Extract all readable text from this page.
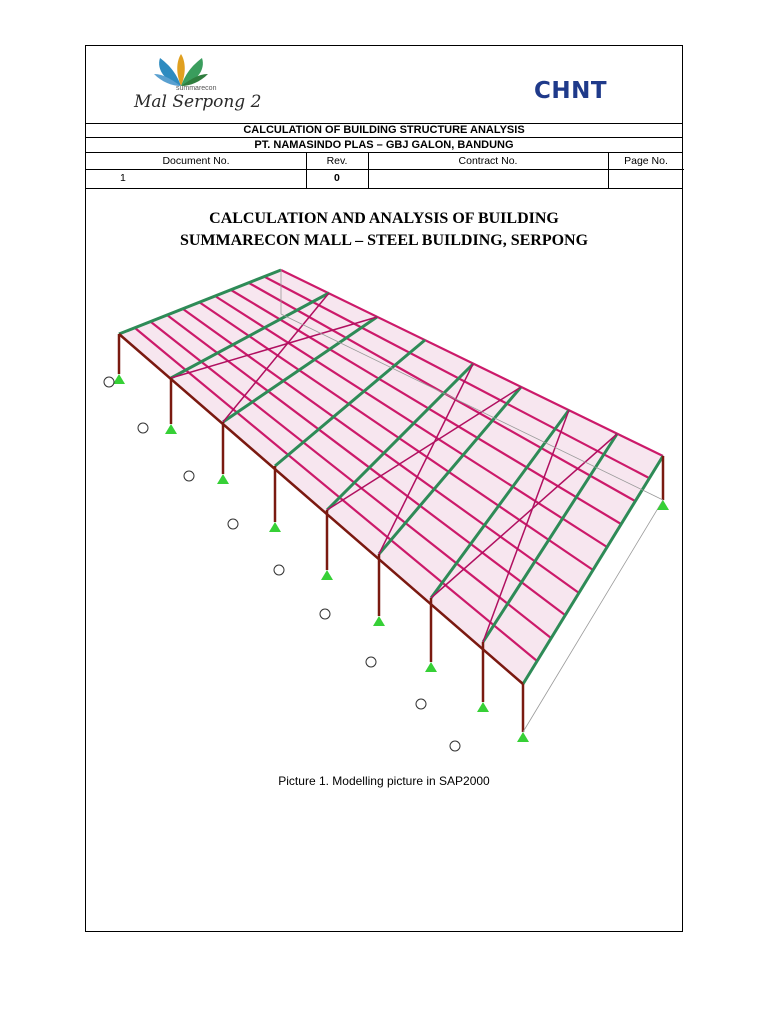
summarecon
Mal Serpong 2	CHNT
CALCULATION OF BUILDING STRUCTURE ANALYSIS
PT. NAMASINDO PLAS – GBJ GALON, BANDUNG
Document No.	Rev.	Contract No.	Page No.
1	0
CALCULATION AND ANALYSIS OF BUILDING
SUMMARECON MALL – STEEL BUILDING, SERPONG
Picture 1. Modelling picture in SAP2000
